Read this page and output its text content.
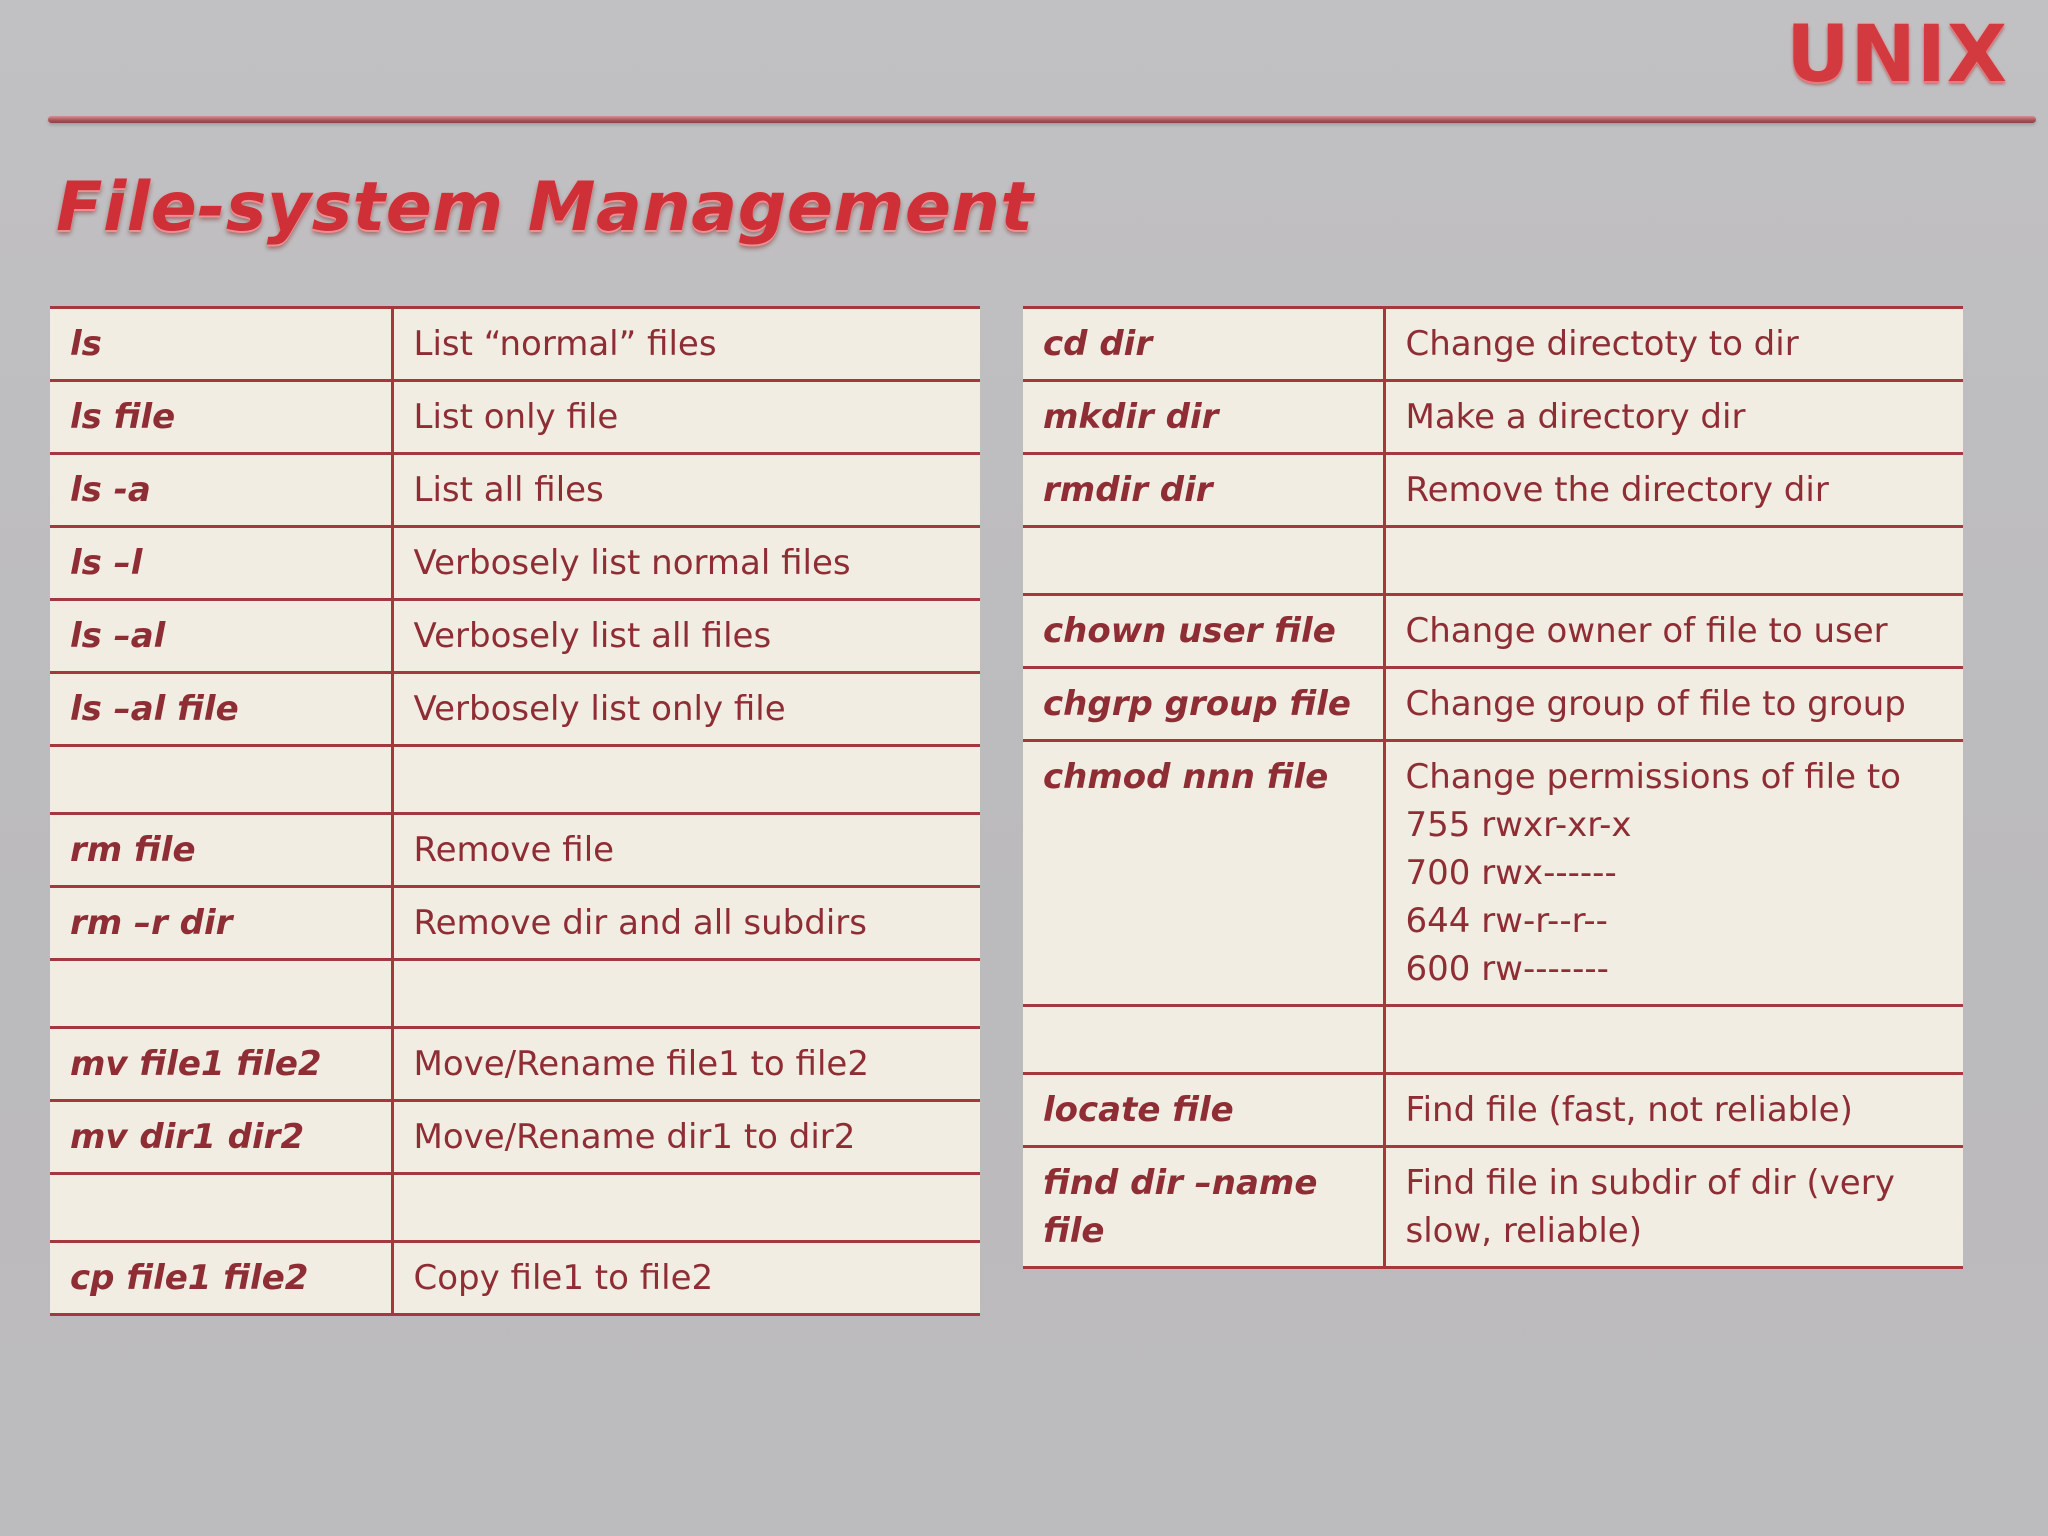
UNIX
File-system Management
ls	List “normal” files
ls file	List only file
ls -a	List all files
ls –l	Verbosely list normal files
ls –al	Verbosely list all files
ls –al file	Verbosely list only file

rm file	Remove file
rm –r dir	Remove dir and all subdirs

mv file1 file2	Move/Rename file1 to file2
mv dir1 dir2	Move/Rename dir1 to dir2

cp file1 file2	Copy file1 to file2
cd dir	Change directoty to dir
mkdir dir	Make a directory dir
rmdir dir	Remove the directory dir

chown user file	Change owner of file to user
chgrp group file	Change group of file to group
chmod nnn file	Change permissions of file to
755 rwxr-xr-x
700 rwx------
644 rw-r--r--
600 rw-------

locate file	Find file (fast, not reliable)
find dir –name file	Find file in subdir of dir (very slow, reliable)
